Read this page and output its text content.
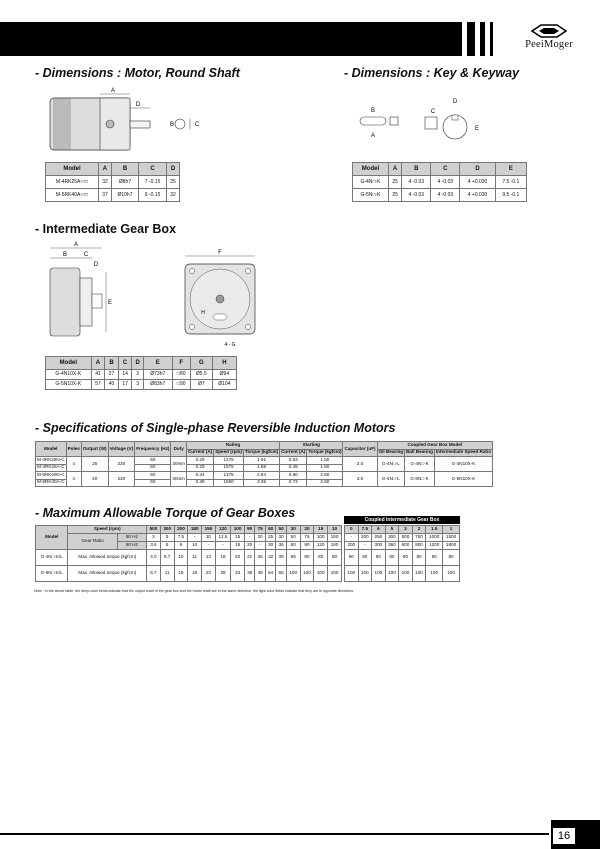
PeeiMoger
- Dimensions : Motor, Round Shaft	- Dimensions : Key & Keyway
- Intermediate Gear Box
- Specifications of Single-phase Reversible Induction Motors
- Maximum Allowable Torque of Gear Boxes
A
D
B	C
B
A
C
D
E
Model	A	B	C	D
M-4RK25A-□□	32	Ø8h7	7 -0.15	25
M-5RK40A-□□	37	Ø10h7	9 -0.15	32
Model	A	B	C	D	E
G-4N□-K	25	4 -0.03	4 -0.03	4 +0.030	7.5 -0.1
G-5N□-K	25	4 -0.03	4 -0.03	4 +0.030	9.5 -0.1
A
B	C
D
E
F
4 - G
H
Model	A	B	C	D	E	F	G	H
G-4N10X-K	41	27	14	3	Ø73h7	□80	Ø5.5	Ø94
G-5N10X-K	57	40	17	3	Ø83h7	□90	Ø7	Ø104
Model	Poles	Output (W)	Voltage (V)	Frequency (Hz)	Duty	Rating			Starting		Capacitor (uF)	Coupled Gear Box Model		
						Current (A)	Speed (rpm)	Torque (kgfcm)	Current (A)	Torque (kgfcm)		Oil Bearing	Ball Bearing	Intermediate Speed Ratio
M-4RK25N-C	4	25	220	50	30min	0.29	1275	1.91	0.53	1.50	2.0	G-4N□-L	G-4N□-K	G-4N10X-K
M-4RK25A-C				60		0.29	1575	1.55	0.49	1.50				
M-5RK40N-C	4	40	220	50	30min	0.34	1375	2.84	0.80	2.60	3.0	G-5N□-L	G-5N□-K	G-5N10X-K
M-5RK40A-C				60		0.38	1650	2.36	0.73	2.60				
Coupled Intermediate Gear Box
Model	Speed (rpm)		500	300	200	180	150	120	100	90	75	60	50	30	20	15	10
	Gear Ratio	50 Hz	3	5	7.5	-	10	12.5	15	-	20	25	30	50	75	100	150
		60 Hz	3.6	6	9	10	-	-	18	20	-	30	36	60	90	120	180
G-4N□-K/L	Max. Allowed torque (kgfcm)		4.0	6.7	10	11	13	16	20	21	26	32	39	65	80	80	80
G-5N□-K/L	Max. Allowed torque (kgfcm)		6.7	11	16	18	23	28	33	36	45	54	65	100	100	100	100
0	7.5	6	5	3	2	1.5	1
-	200	250	300	500	750	1000	1500
200	-	300	360	600	900	1200	1800
80	80	80	80	80	80	80	80
100	100	100	100	100	100	100	100
Note : In the above table, the deep-color fields indicate that the output shaft of the gear box and the motor shaft are in the same direction, the light-color fields indicate that they are in opposite directions.
16
